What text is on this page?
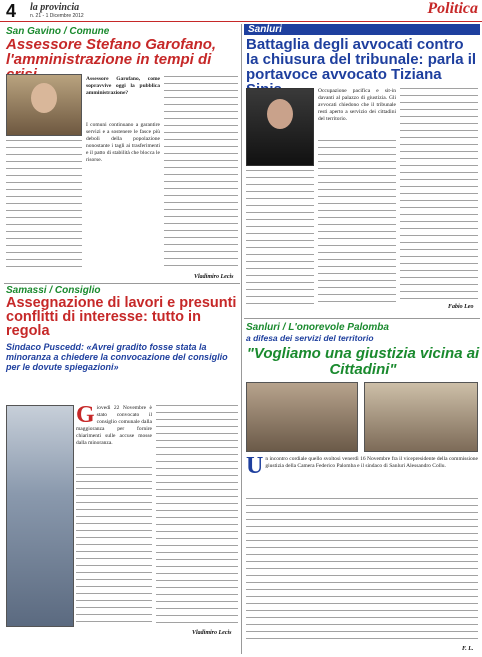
4 la provincia
n. 21 - 1 Dicembre 2012	Politica
San Gavino / Comune
Assessore Stefano Garofano, l'amministrazione in tempi di
Assessore Garofano, come sopravvive oggi la pubblica amministrazione?
I comuni continuano a garantire servizi e a sostenere le fasce più deboli della popolazione nonostante i tagli ai trasferimenti e il patto di stabilità che blocca le risorse.
Vladimiro Lecis
Sanluri
Battaglia degli avvocati contro la chiusura del tribunale: parla il portavoce avvocato Tiziana
Occupazione pacifica e sit-in davanti al palazzo di giustizia. Gli avvocati chiedono che il tribunale resti aperto a servizio dei cittadini del territorio.
Fabio Leo
Samassi / Consiglio
Assegnazione di lavori e presunti conflitti di interesse: tutto in regola
Sindaco Puscedd: «Avrei gradito fosse stata la minoranza a chiedere la convocazione del consiglio per le dovute spiegazioni»
Giovedì 22 Novembre è stato convocato il consiglio comunale dalla maggioranza per fornire chiarimenti sulle accuse mosse dalla minoranza.
Vladimiro Lecis
Sanluri / L'onorevole Palomba
a difesa dei servizi del territorio
"Vogliamo una giustizia vicina ai Cittadini"
Un incontro cordiale quello svoltosi venerdì 16 Novembre fra il vicepresidente della commissione giustizia della Camera Federico Palomba e il sindaco di Sanluri Alessandro Collu.
F. L.
